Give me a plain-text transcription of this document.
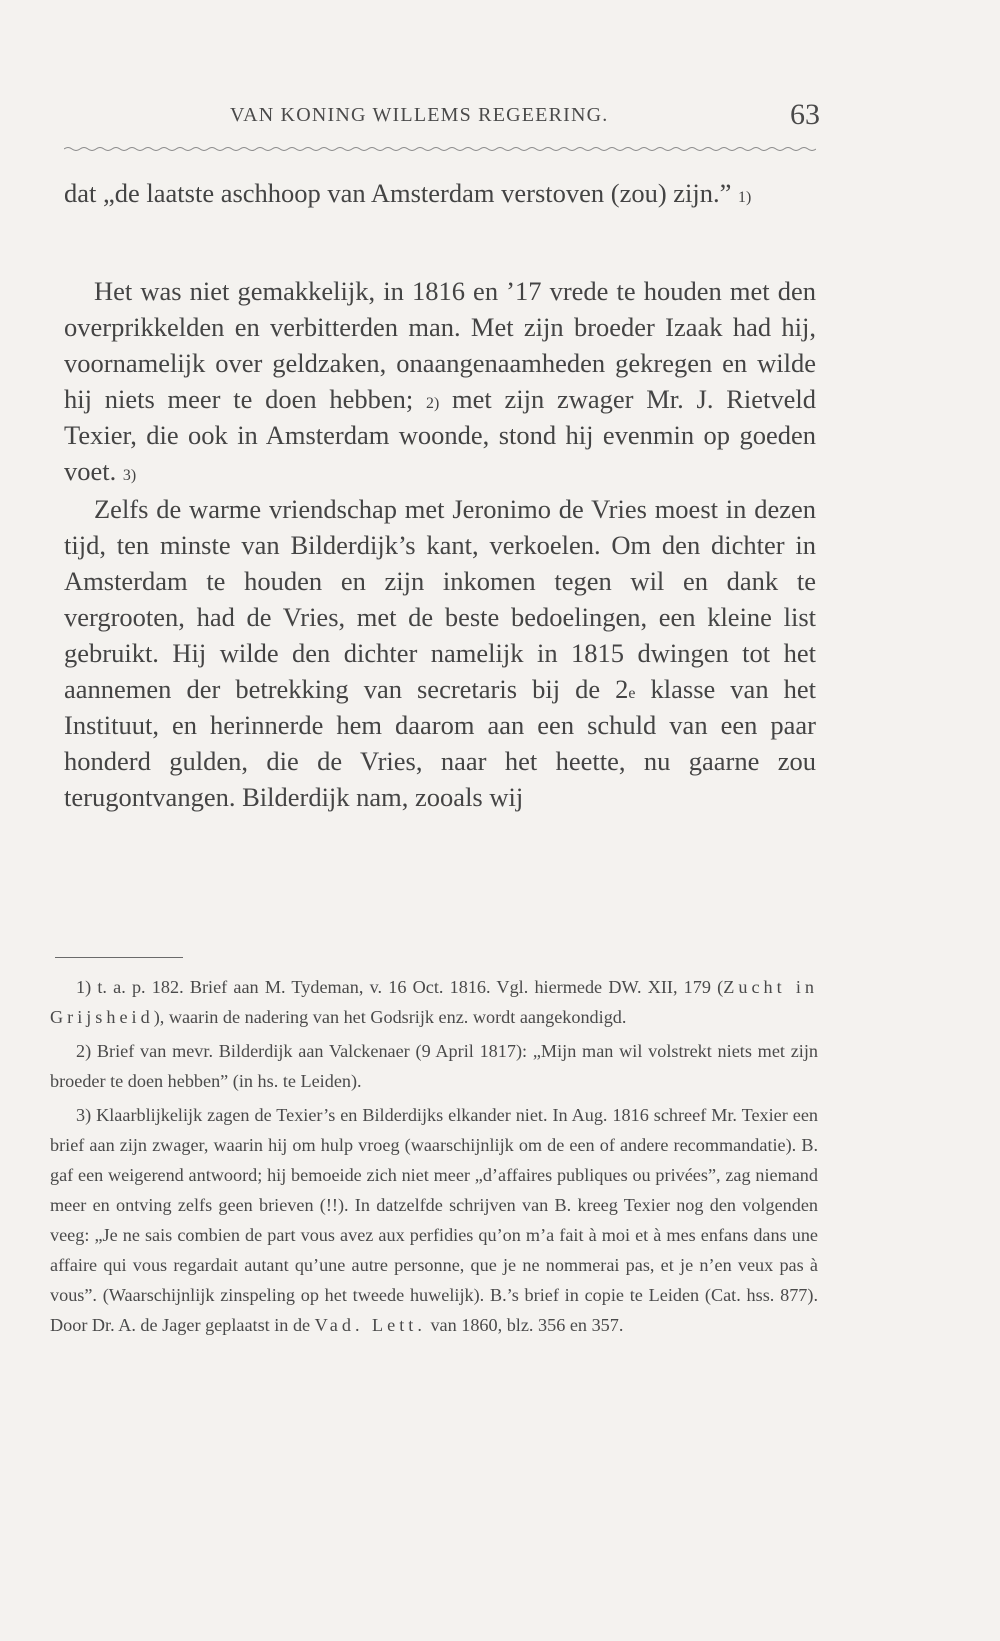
VAN KONING WILLEMS REGEERING.	63

dat „de laatste aschhoop van Amsterdam verstoven (zou) zijn.” $^{1)}$

Het was niet gemakkelijk, in 1816 en ’17 vrede te houden met den overprikkelden en verbitterden man. Met zijn broeder Izaak had hij, voornamelijk over geldzaken, onaangenaamheden gekregen en wilde hij niets meer te doen hebben; $^{2)}$ met zijn zwager Mr. J. Rietveld Texier, die ook in Amsterdam woonde, stond hij evenmin op goeden voet. $^{3)}$

Zelfs de warme vriendschap met Jeronimo de Vries moest in dezen tijd, ten minste van Bilderdijk’s kant, verkoelen. Om den dichter in Amsterdam te houden en zijn inkomen tegen wil en dank te vergrooten, had de Vries, met de beste bedoelingen, een kleine list gebruikt. Hij wilde den dichter namelijk in 1815 dwingen tot het aannemen der betrekking van secretaris bij de 2e klasse van het Instituut, en herinnerde hem daarom aan een schuld van een paar honderd gulden, die de Vries, naar het heette, nu gaarne zou terugontvangen. Bilderdijk nam, zooals wij

1) t. a. p. 182. Brief aan M. Tydeman, v. 16 Oct. 1816. Vgl. hiermede DW. XII, 179 (Zucht in Grijsheid), waarin de nadering van het Godsrijk enz. wordt aangekondigd.

2) Brief van mevr. Bilderdijk aan Valckenaer (9 April 1817): „Mijn man wil volstrekt niets met zijn broeder te doen hebben” (in hs. te Leiden).

3) Klaarblijkelijk zagen de Texier’s en Bilderdijks elkander niet. In Aug. 1816 schreef Mr. Texier een brief aan zijn zwager, waarin hij om hulp vroeg (waarschijnlijk om de een of andere recommandatie). B. gaf een weigerend antwoord; hij bemoeide zich niet meer „d’affaires publiques ou privées”, zag niemand meer en ontving zelfs geen brieven (!!). In datzelfde schrijven van B. kreeg Texier nog den volgenden veeg: „Je ne sais combien de part vous avez aux perfidies qu’on m’a fait à moi et à mes enfans dans une affaire qui vous regardait autant qu’une autre personne, que je ne nommerai pas, et je n’en veux pas à vous”. (Waarschijnlijk zinspeling op het tweede huwelijk). B.’s brief in copie te Leiden (Cat. hss. 877). Door Dr. A. de Jager geplaatst in de Vad. Lett. van 1860, blz. 356 en 357.
